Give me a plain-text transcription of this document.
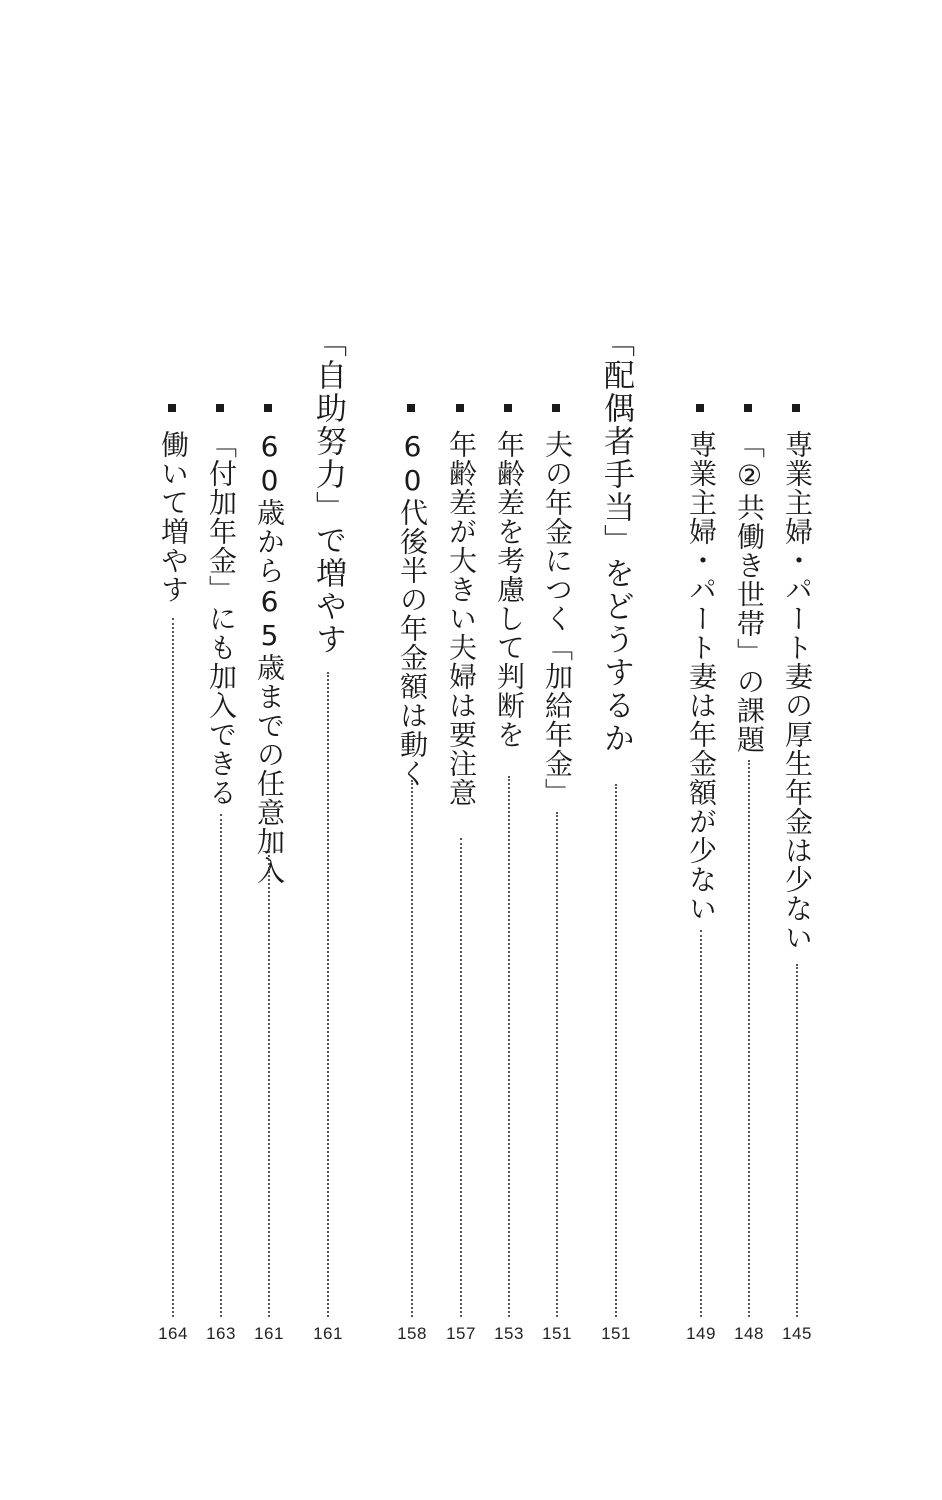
専業主婦・パート妻の厚生年金は少ない
145
「②共働き世帯」の課題
148
専業主婦・パート妻は年金額が少ない
149
「配偶者手当」をどうするか
151
夫の年金につく「加給年金」
151
年齢差を考慮して判断を
153
年齢差が大きい夫婦は要注意
157
60代後半の年金額は動く
158
「自助努力」で増やす
161
60歳から65歳までの任意加入
161
「付加年金」にも加入できる
163
働いて増やす
164
